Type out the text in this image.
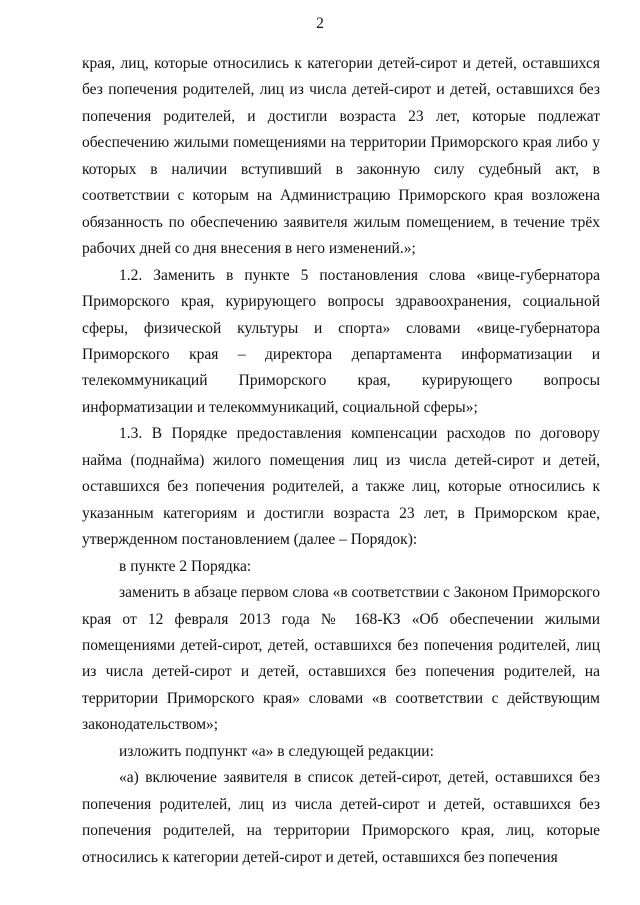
2

края, лиц, которые относились к категории детей-сирот и детей, оставшихся без попечения родителей, лиц из числа детей-сирот и детей, оставшихся без попечения родителей, и достигли возраста 23 лет, которые подлежат обеспечению жилыми помещениями на территории Приморского края либо у которых в наличии вступивший в законную силу судебный акт, в соответствии с которым на Администрацию Приморского края возложена обязанность по обеспечению заявителя жилым помещением, в течение трёх рабочих дней со дня внесения в него изменений.»;

1.2. Заменить в пункте 5 постановления слова «вице-губернатора Приморского края, курирующего вопросы здравоохранения, социальной сферы, физической культуры и спорта» словами «вице-губернатора Приморского края – директора департамента информатизации и телекоммуникаций Приморского края, курирующего вопросы информатизации и телекоммуникаций, социальной сферы»;

1.3. В Порядке предоставления компенсации расходов по договору найма (поднайма) жилого помещения лиц из числа детей-сирот и детей, оставшихся без попечения родителей, а также лиц, которые относились к указанным категориям и достигли возраста 23 лет, в Приморском крае, утвержденном постановлением (далее – Порядок):

в пункте 2 Порядка:

заменить в абзаце первом слова «в соответствии с Законом Приморского края от 12 февраля 2013 года № 168-КЗ «Об обеспечении жилыми помещениями детей-сирот, детей, оставшихся без попечения родителей, лиц из числа детей-сирот и детей, оставшихся без попечения родителей, на территории Приморского края» словами «в соответствии с действующим законодательством»;

изложить подпункт «а» в следующей редакции:

«а) включение заявителя в список детей-сирот, детей, оставшихся без попечения родителей, лиц из числа детей-сирот и детей, оставшихся без попечения родителей, на территории Приморского края, лиц, которые относились к категории детей-сирот и детей, оставшихся без попечения
